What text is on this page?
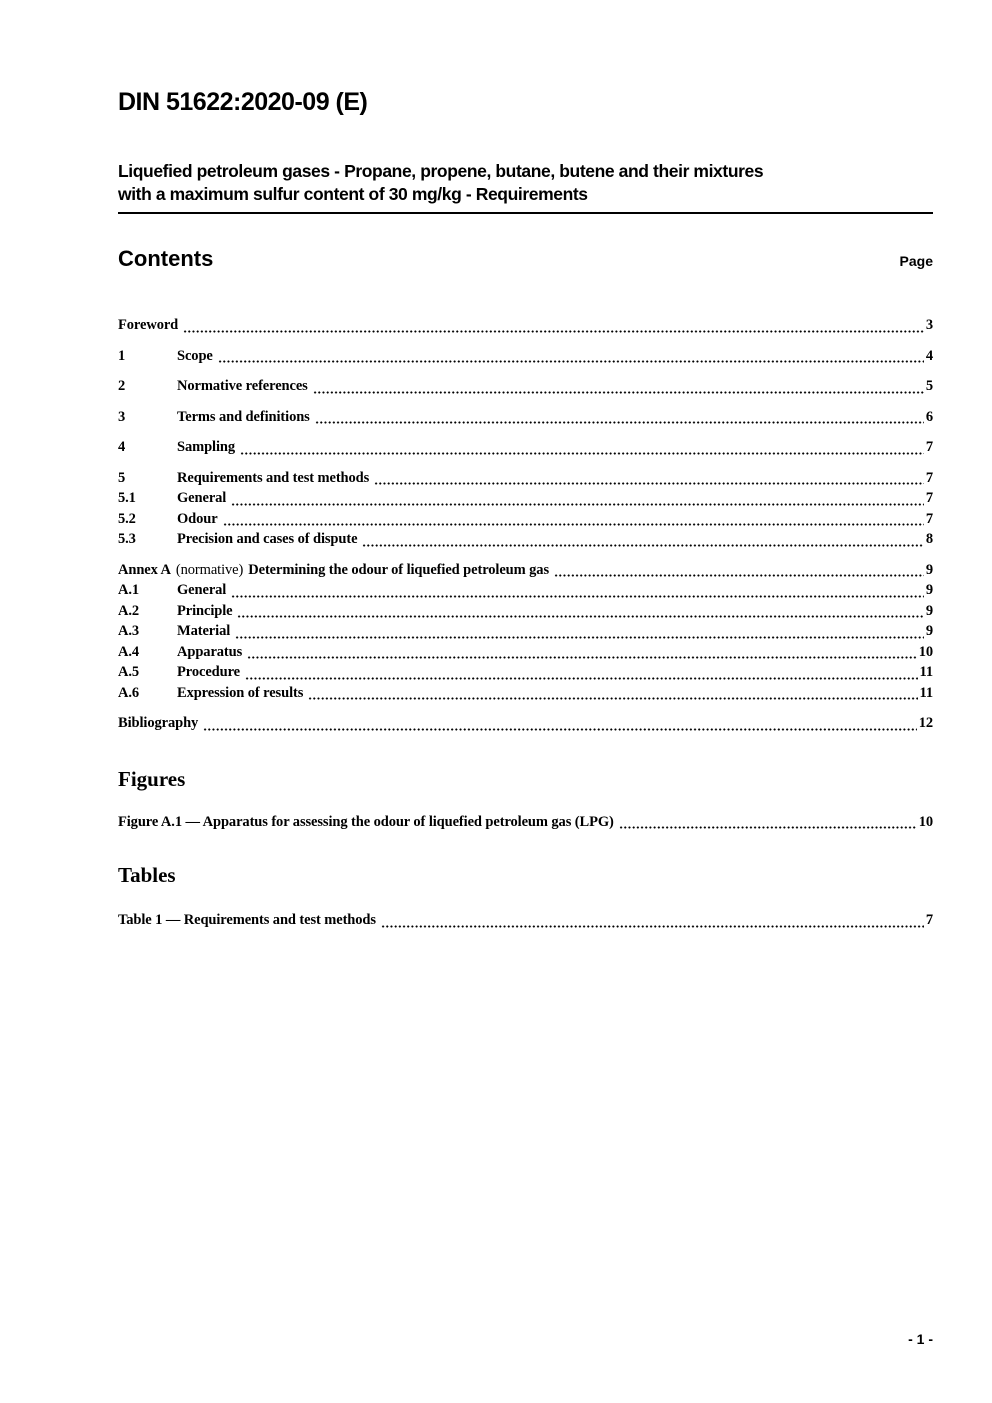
DIN 51622:2020-09 (E)
Liquefied petroleum gases - Propane, propene, butane, butene and their mixtures
with a maximum sulfur content of 30 mg/kg - Requirements
Contents	Page
Foreword	3
1	Scope	4
2	Normative references	5
3	Terms and definitions	6
4	Sampling	7
5	Requirements and test methods	7
5.1	General	7
5.2	Odour	7
5.3	Precision and cases of dispute	8
Annex A (normative) Determining the odour of liquefied petroleum gas	9
A.1	General	9
A.2	Principle	9
A.3	Material	9
A.4	Apparatus	10
A.5	Procedure	11
A.6	Expression of results	11
Bibliography	12
Figures
Figure A.1 — Apparatus for assessing the odour of liquefied petroleum gas (LPG)	10
Tables
Table 1 — Requirements and test methods	7
- 1 -
